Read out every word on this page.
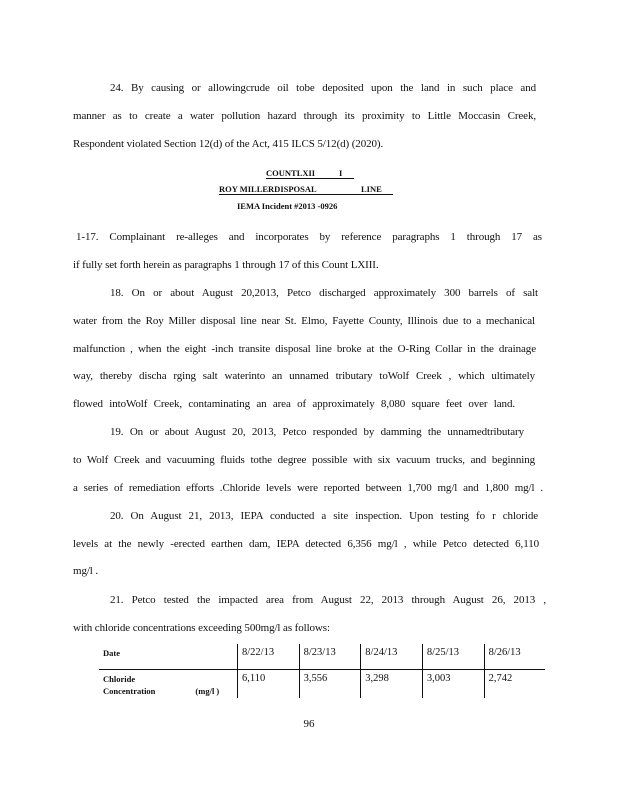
24. By causing or allowingcrude oil tobe deposited upon the land in such place and
manner as to create a water pollution hazard through its proximity to Little Moccasin Creek,
Respondent violated Section 12(d) of the Act, 415 ILCS 5/12(d) (2020).
COUNTLXII	I
ROY MILLERDISPOSAL	LINE
IEMA Incident #2013 -0926
1-17. Complainant re-alleges and incorporates by reference paragraphs 1 through 17 as
if fully set forth herein as paragraphs 1 through 17 of this Count LXIII.
18. On or about August 20,2013, Petco discharged approximately 300 barrels of salt
water from the Roy Miller disposal line near St. Elmo, Fayette County, Illinois due to a mechanical
malfunction , when the eight -inch transite disposal line broke at the O-Ring Collar in the drainage
way, thereby discha rging salt waterinto an unnamed tributary toWolf Creek , which ultimately
flowed intoWolf Creek, contaminating an area of approximately 8,080 square feet over land.
19. On or about August 20, 2013, Petco responded by damming the unnamedtributary
to Wolf Creek and vacuuming fluids tothe degree possible with six vacuum trucks, and beginning
a series of remediation efforts .Chloride levels were reported between 1,700 mg/l and 1,800 mg/l .
20. On August 21, 2013, IEPA conducted a site inspection. Upon testing fo r chloride
levels at the newly -erected earthen dam, IEPA detected 6,356 mg/l , while Petco detected 6,110
mg/l .
21. Petco tested the impacted area from August 22, 2013 through August 26, 2013 ,
with chloride concentrations exceeding 500mg/l as follows:
Date	8/22/13	8/23/13	8/24/13	8/25/13	8/26/13

Chloride
Concentration (mg/l )	6,110	3,556	3,298	3,003	2,742
96
